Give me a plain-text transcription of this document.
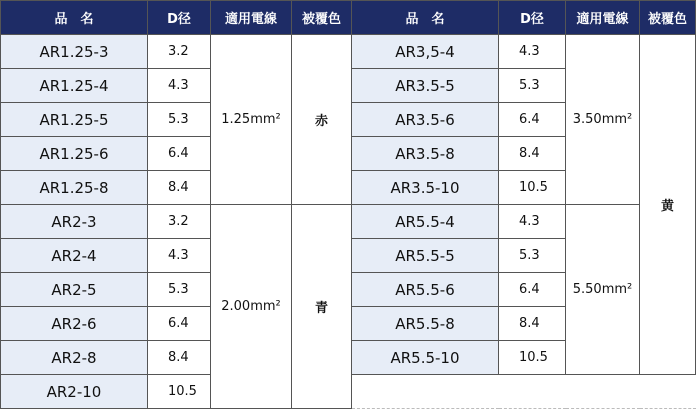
品　名	D径	適用電線	被覆色	品　名	D径	適用電線	被覆色
AR1.25-3	3.2	1.25mm²	赤	AR3,5-4	4.3	3.50mm²	黄
AR1.25-4	4.3			AR3.5-5	5.3		
AR1.25-5	5.3			AR3.5-6	6.4		
AR1.25-6	6.4			AR3.5-8	8.4		
AR1.25-8	8.4			AR3.5-10	10.5		
AR2-3	3.2	2.00mm²	青	AR5.5-4	4.3	5.50mm²	
AR2-4	4.3			AR5.5-5	5.3		
AR2-5	5.3			AR5.5-6	6.4		
AR2-6	6.4			AR5.5-8	8.4		
AR2-8	8.4			AR5.5-10	10.5		
AR2-10	10.5						
